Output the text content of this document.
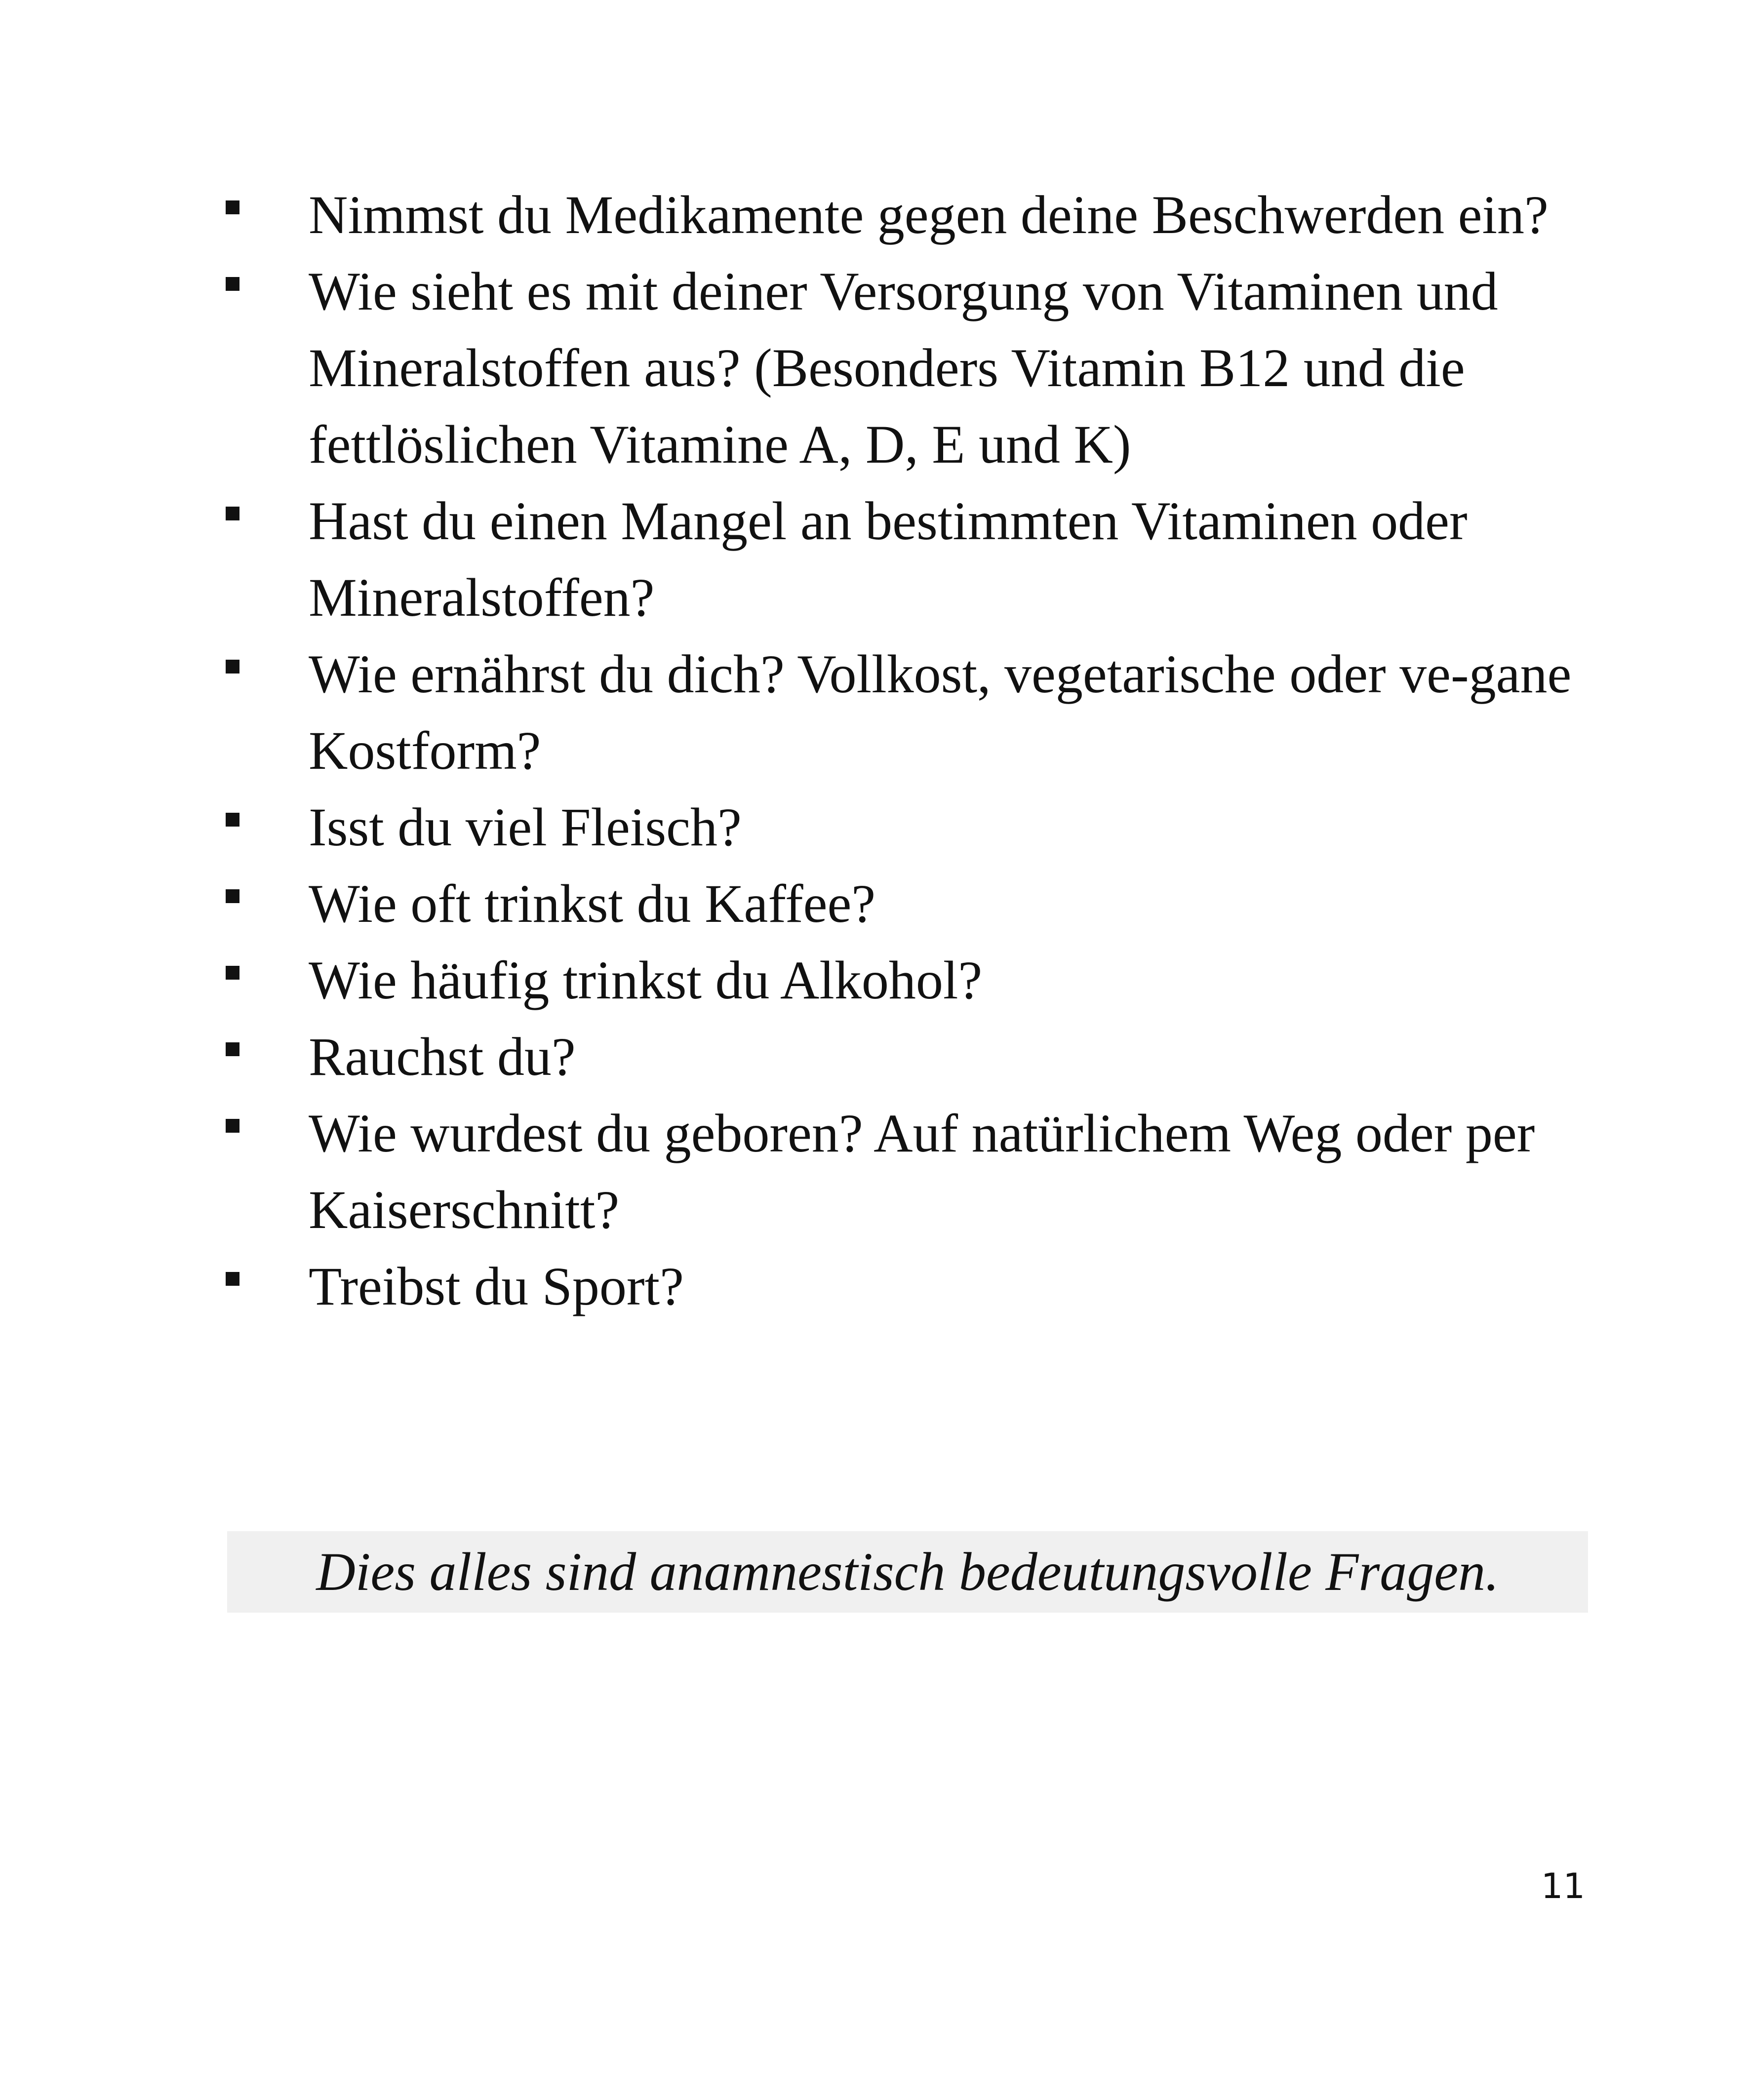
Nimmst du Medikamente gegen deine Beschwerden ein?
Wie sieht es mit deiner Versorgung von Vitaminen und Mineralstoffen aus? (Besonders Vitamin B12 und die fettlöslichen Vitamine A, D, E und K)
Hast du einen Mangel an bestimmten Vitaminen oder Mineralstoffen?
Wie ernährst du dich? Vollkost, vegetarische oder ve-gane Kostform?
Isst du viel Fleisch?
Wie oft trinkst du Kaffee?
Wie häufig trinkst du Alkohol?
Rauchst du?
Wie wurdest du geboren? Auf natürlichem Weg oder per Kaiserschnitt?
Treibst du Sport?
Dies alles sind anamnestisch bedeutungsvolle Fragen.
11
